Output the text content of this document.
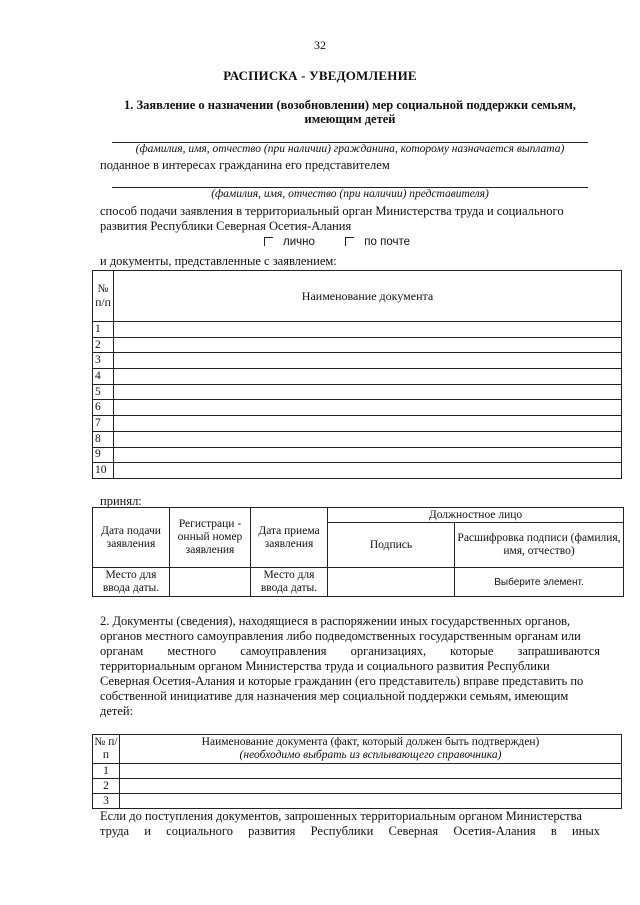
32
РАСПИСКА - УВЕДОМЛЕНИЕ
1. Заявление о назначении (возобновлении) мер социальной поддержки семьям,
имеющим детей
(фамилия, имя, отчество (при наличии) гражданина, которому назначается выплата)
поданное в интересах гражданина его представителем
(фамилия, имя, отчество (при наличии) представителя)
способ подачи заявления в территориальный орган Министерства труда и социального
развития Республики Северная Осетия-Алания
лично	по почте
и документы, представленные с заявлением:
№ п/п	Наименование документа
1	
2	
3	
4	
5	
6	
7	
8	
9	
10	
принял:
Дата подачи заявления	Регистраци - онный номер заявления	Дата приема заявления	Должностное лицо	
			Подпись	Расшифровка подписи (фамилия, имя, отчество)
Место для ввода даты.		Место для ввода даты.		Выберите элемент.
2. Документы (сведения), находящиеся в распоряжении иных государственных органов,
органов местного самоуправления либо подведомственных государственным органам или
органам местного самоуправления организациях, которые запрашиваются
территориальным органом Министерства труда и социального развития Республики
Северная Осетия-Алания и которые гражданин (его представитель) вправе представить по
собственной инициативе для назначения мер социальной поддержки семьям, имеющим
детей:
№ п/п	Наименование документа (факт, который должен быть подтвержден)
(необходимо выбрать из всплывающего справочника)

1	
2	
3	
Если до поступления документов, запрошенных территориальным органом Министерства
труда и социального развития Республики Северная Осетия-Алания в иных
